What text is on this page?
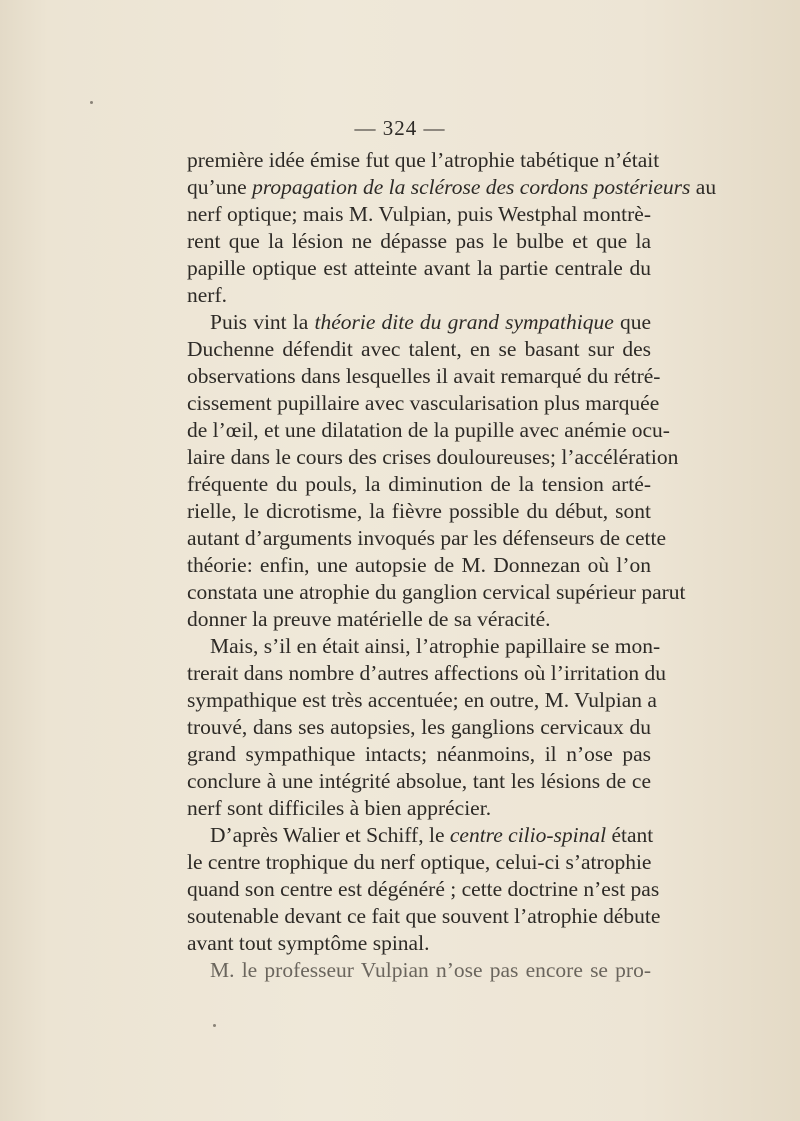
— 324 —
première idée émise fut que l’atrophie tabétique n’était
qu’une propagation de la sclérose des cordons postérieurs au
nerf optique; mais M. Vulpian, puis Westphal montrè-
rent que la lésion ne dépasse pas le bulbe et que la
papille optique est atteinte avant la partie centrale du
nerf.
Puis vint la théorie dite du grand sympathique que
Duchenne défendit avec talent, en se basant sur des
observations dans lesquelles il avait remarqué du rétré-
cissement pupillaire avec vascularisation plus marquée
de l’œil, et une dilatation de la pupille avec anémie ocu-
laire dans le cours des crises douloureuses; l’accélération
fréquente du pouls, la diminution de la tension arté-
rielle, le dicrotisme, la fièvre possible du début, sont
autant d’arguments invoqués par les défenseurs de cette
théorie: enfin, une autopsie de M. Donnezan où l’on
constata une atrophie du ganglion cervical supérieur parut
donner la preuve matérielle de sa véracité.
Mais, s’il en était ainsi, l’atrophie papillaire se mon-
trerait dans nombre d’autres affections où l’irritation du
sympathique est très accentuée; en outre, M. Vulpian a
trouvé, dans ses autopsies, les ganglions cervicaux du
grand sympathique intacts; néanmoins, il n’ose pas
conclure à une intégrité absolue, tant les lésions de ce
nerf sont difficiles à bien apprécier.
D’après Walier et Schiff, le centre cilio-spinal étant
le centre trophique du nerf optique, celui-ci s’atrophie
quand son centre est dégénéré ; cette doctrine n’est pas
soutenable devant ce fait que souvent l’atrophie débute
avant tout symptôme spinal.
M. le professeur Vulpian n’ose pas encore se pro-
